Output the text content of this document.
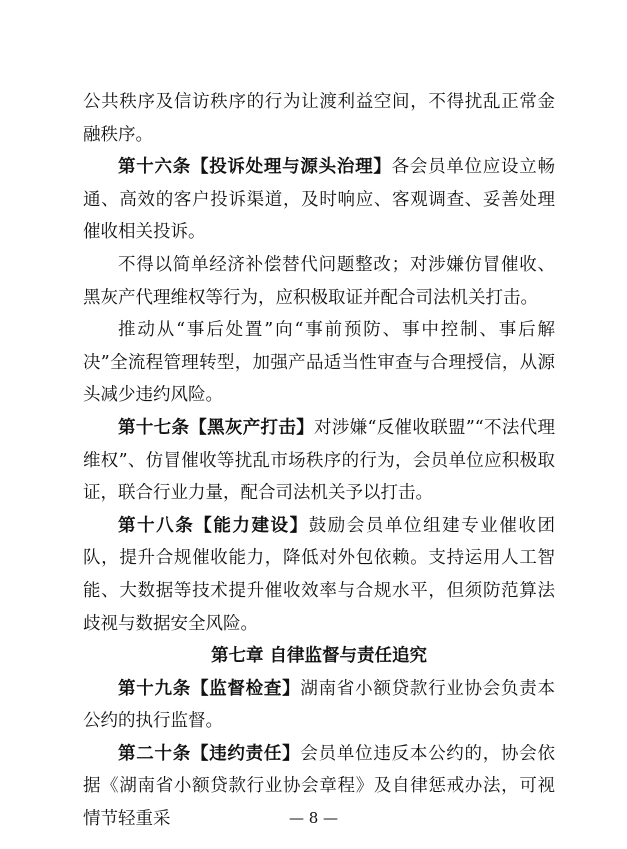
公共秩序及信访秩序的行为让渡利益空间，不得扰乱正常金融秩序。

第十六条【投诉处理与源头治理】各会员单位应设立畅通、高效的客户投诉渠道，及时响应、客观调查、妥善处理催收相关投诉。

不得以简单经济补偿替代问题整改；对涉嫌仿冒催收、黑灰产代理维权等行为，应积极取证并配合司法机关打击。

推动从“事后处置”向“事前预防、事中控制、事后解决”全流程管理转型，加强产品适当性审查与合理授信，从源头减少违约风险。

第十七条【黑灰产打击】对涉嫌“反催收联盟”“不法代理维权”、仿冒催收等扰乱市场秩序的行为，会员单位应积极取证，联合行业力量，配合司法机关予以打击。

第十八条【能力建设】鼓励会员单位组建专业催收团队，提升合规催收能力，降低对外包依赖。支持运用人工智能、大数据等技术提升催收效率与合规水平，但须防范算法歧视与数据安全风险。

第七章 自律监督与责任追究

第十九条【监督检查】湖南省小额贷款行业协会负责本公约的执行监督。

第二十条【违约责任】会员单位违反本公约的，协会依据《湖南省小额贷款行业协会章程》及自律惩戒办法，可视情节轻重采	— 8 —
